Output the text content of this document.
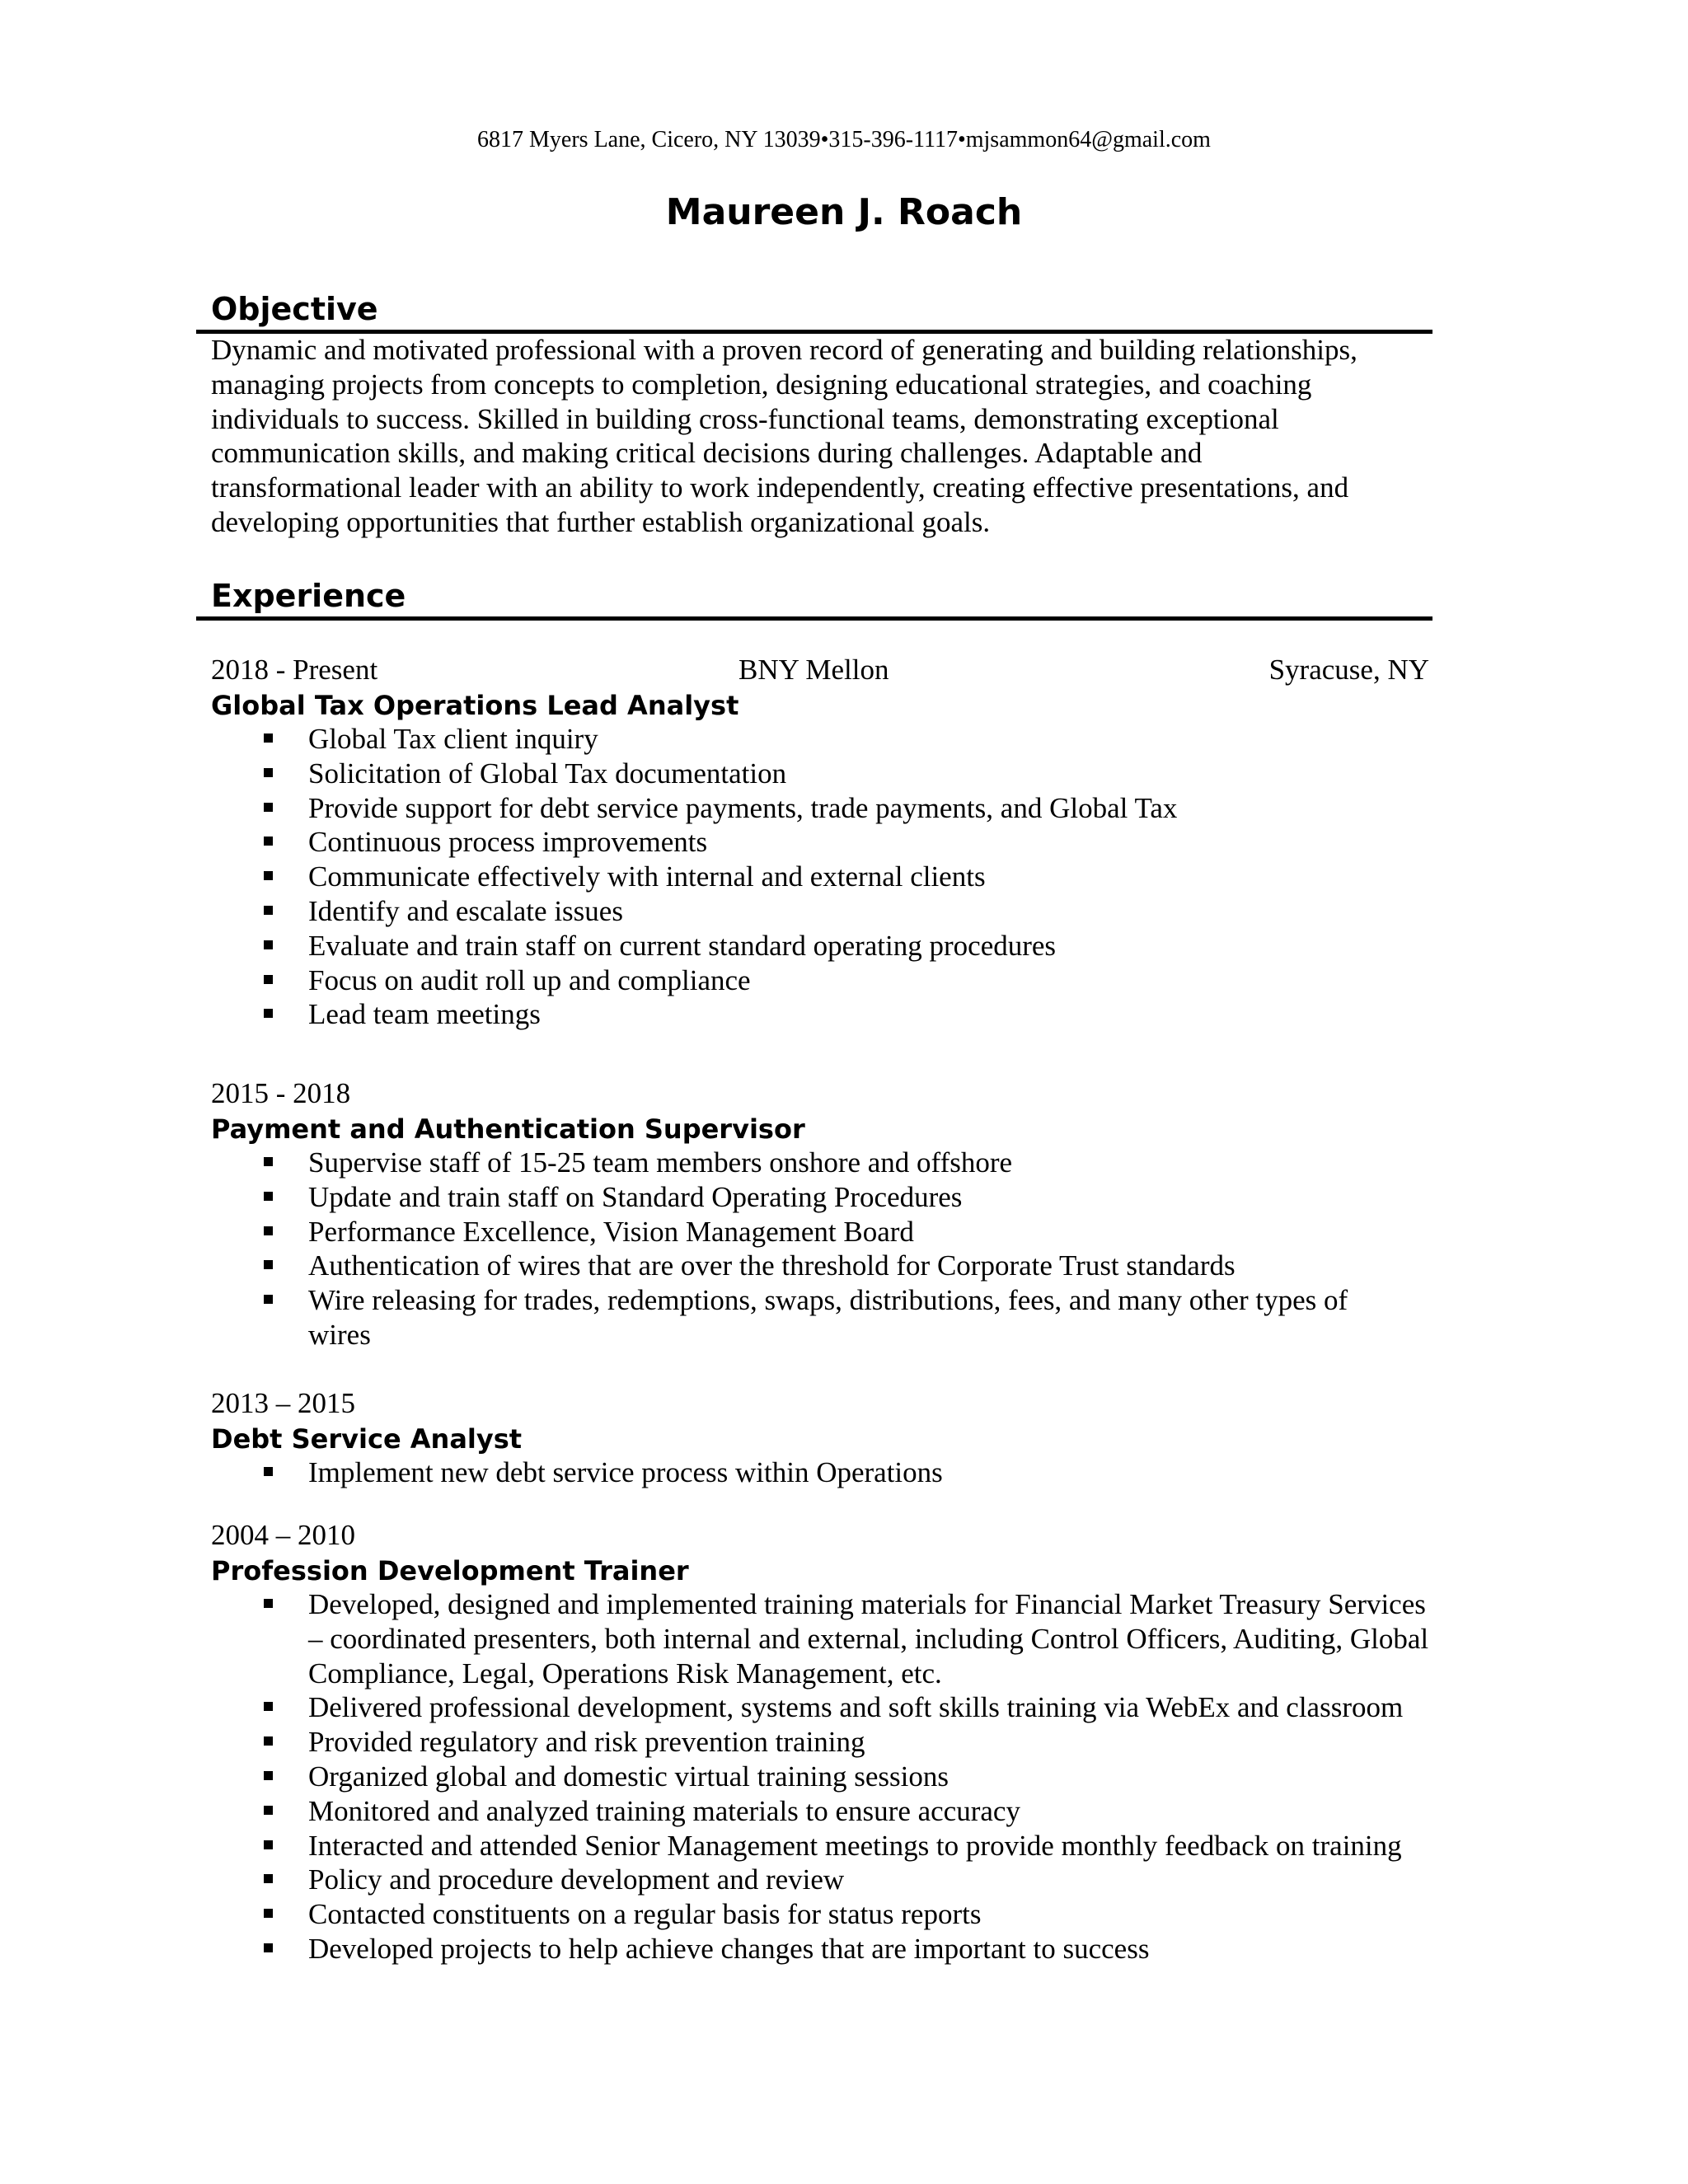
6817 Myers Lane, Cicero, NY 13039•315-396-1117•mjsammon64@gmail.com
Maureen J. Roach
Objective
Dynamic and motivated professional with a proven record of generating and building relationships,
managing projects from concepts to completion, designing educational strategies, and coaching
individuals to success. Skilled in building cross-functional teams, demonstrating exceptional
communication skills, and making critical decisions during challenges. Adaptable and
transformational leader with an ability to work independently, creating effective presentations, and
developing opportunities that further establish organizational goals.
Experience
2018 - Present	BNY Mellon	Syracuse, NY
Global Tax Operations Lead Analyst
Global Tax client inquiry
Solicitation of Global Tax documentation
Provide support for debt service payments, trade payments, and Global Tax
Continuous process improvements
Communicate effectively with internal and external clients
Identify and escalate issues
Evaluate and train staff on current standard operating procedures
Focus on audit roll up and compliance
Lead team meetings
2015 - 2018
Payment and Authentication Supervisor
Supervise staff of 15-25 team members onshore and offshore
Update and train staff on Standard Operating Procedures
Performance Excellence, Vision Management Board
Authentication of wires that are over the threshold for Corporate Trust standards
Wire releasing for trades, redemptions, swaps, distributions, fees, and many other types of
wires
2013 – 2015
Debt Service Analyst
Implement new debt service process within Operations
2004 – 2010
Profession Development Trainer
Developed, designed and implemented training materials for Financial Market Treasury Services
– coordinated presenters, both internal and external, including Control Officers, Auditing, Global
Compliance, Legal, Operations Risk Management, etc.
Delivered professional development, systems and soft skills training via WebEx and classroom
Provided regulatory and risk prevention training
Organized global and domestic virtual training sessions
Monitored and analyzed training materials to ensure accuracy
Interacted and attended Senior Management meetings to provide monthly feedback on training
Policy and procedure development and review
Contacted constituents on a regular basis for status reports
Developed projects to help achieve changes that are important to success
